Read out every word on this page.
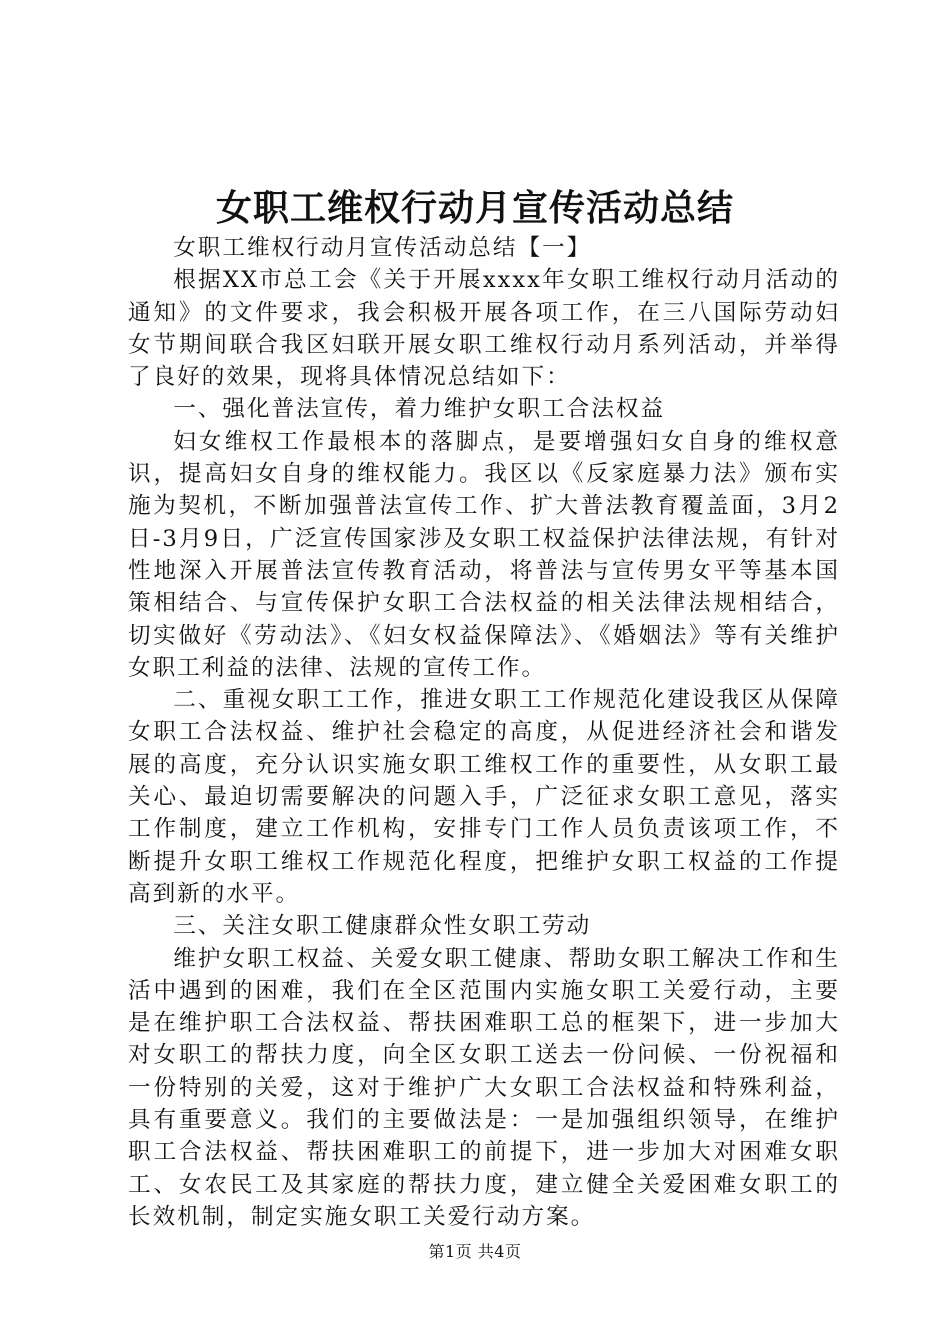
女职工维权行动月宣传活动总结

女职工维权行动月宣传活动总结【一】

根据XX市总工会《关于开展xxxx年女职工维权行动月活动的通知》的文件要求，我会积极开展各项工作，在三八国际劳动妇女节期间联合我区妇联开展女职工维权行动月系列活动，并举得了良好的效果，现将具体情况总结如下：

一、强化普法宣传，着力维护女职工合法权益

妇女维权工作最根本的落脚点，是要增强妇女自身的维权意识，提高妇女自身的维权能力。我区以《反家庭暴力法》颁布实施为契机，不断加强普法宣传工作、扩大普法教育覆盖面，3月2日-3月9日，广泛宣传国家涉及女职工权益保护法律法规，有针对性地深入开展普法宣传教育活动，将普法与宣传男女平等基本国策相结合、与宣传保护女职工合法权益的相关法律法规相结合，切实做好《劳动法》、《妇女权益保障法》、《婚姻法》等有关维护女职工利益的法律、法规的宣传工作。

二、重视女职工工作，推进女职工工作规范化建设我区从保障女职工合法权益、维护社会稳定的高度，从促进经济社会和谐发展的高度，充分认识实施女职工维权工作的重要性，从女职工最关心、最迫切需要解决的问题入手，广泛征求女职工意见，落实工作制度，建立工作机构，安排专门工作人员负责该项工作，不断提升女职工维权工作规范化程度，把维护女职工权益的工作提高到新的水平。

三、关注女职工健康群众性女职工劳动

维护女职工权益、关爱女职工健康、帮助女职工解决工作和生活中遇到的困难，我们在全区范围内实施女职工关爱行动，主要是在维护职工合法权益、帮扶困难职工总的框架下，进一步加大对女职工的帮扶力度，向全区女职工送去一份问候、一份祝福和一份特别的关爱，这对于维护广大女职工合法权益和特殊利益，具有重要意义。我们的主要做法是：一是加强组织领导，在维护职工合法权益、帮扶困难职工的前提下，进一步加大对困难女职工、女农民工及其家庭的帮扶力度，建立健全关爱困难女职工的长效机制，制定实施女职工关爱行动方案。

第1页 共4页
